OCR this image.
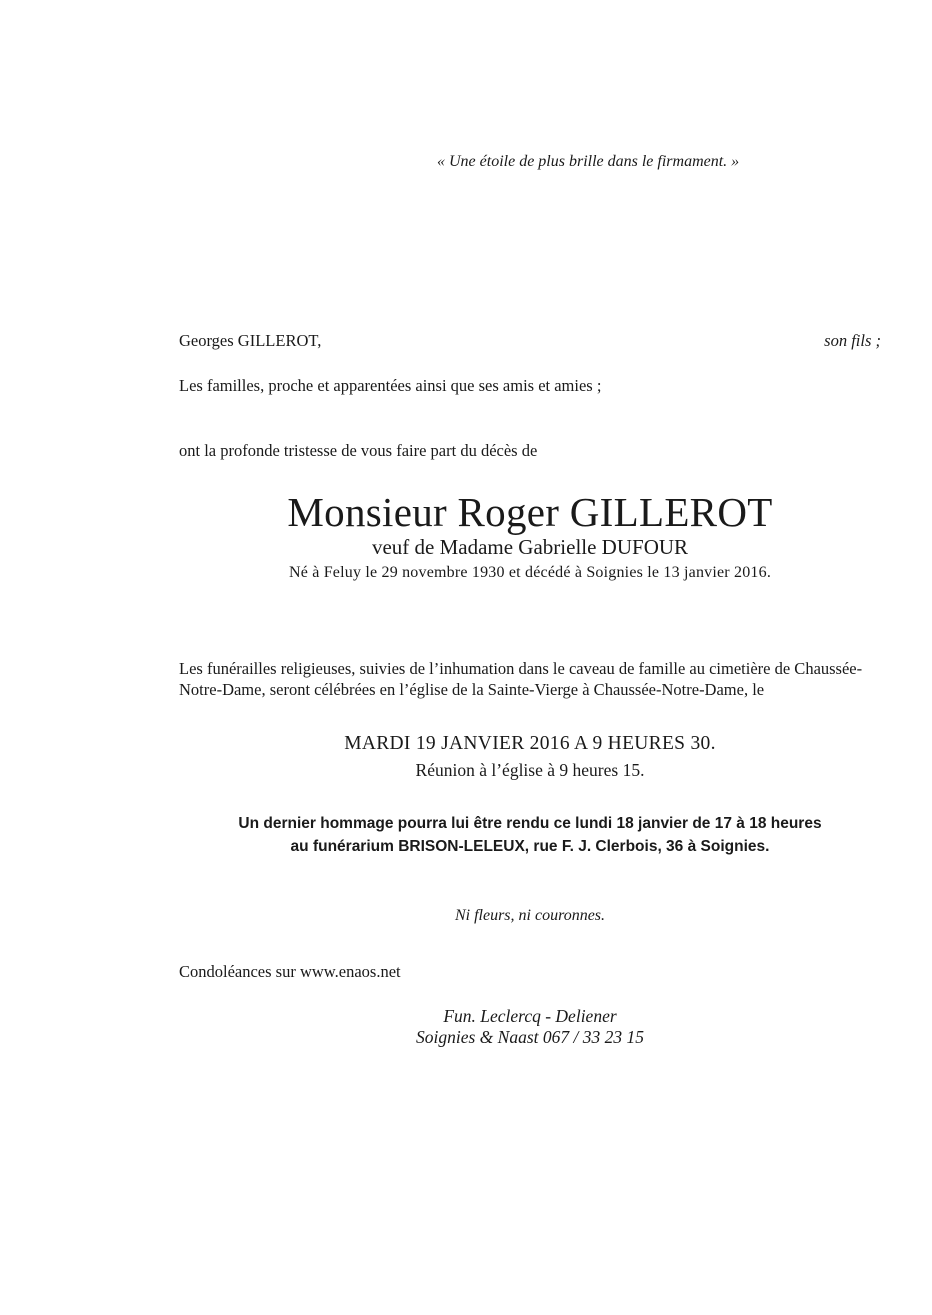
« Une étoile de plus brille dans le firmament. »
Georges GILLEROT,	son fils ;
Les familles, proche et apparentées ainsi que ses amis et amies ;
ont la profonde tristesse de vous faire part du décès de
Monsieur Roger GILLEROT
veuf de Madame Gabrielle DUFOUR
Né à Feluy le 29 novembre 1930 et décédé à Soignies le 13 janvier 2016.
Les funérailles religieuses, suivies de l’inhumation dans le caveau de famille au cimetière de Chaussée-Notre-Dame, seront célébrées en l’église de la Sainte-Vierge à Chaussée-Notre-Dame, le
MARDI 19 JANVIER 2016 A 9 HEURES 30.
Réunion à l’église à 9 heures 15.
Un dernier hommage pourra lui être rendu ce lundi 18 janvier de 17 à 18 heures
au funérarium BRISON-LELEUX, rue F. J. Clerbois, 36 à Soignies.
Ni fleurs, ni couronnes.
Condoléances sur www.enaos.net
Fun. Leclercq - Deliener
Soignies & Naast 067 / 33 23 15
